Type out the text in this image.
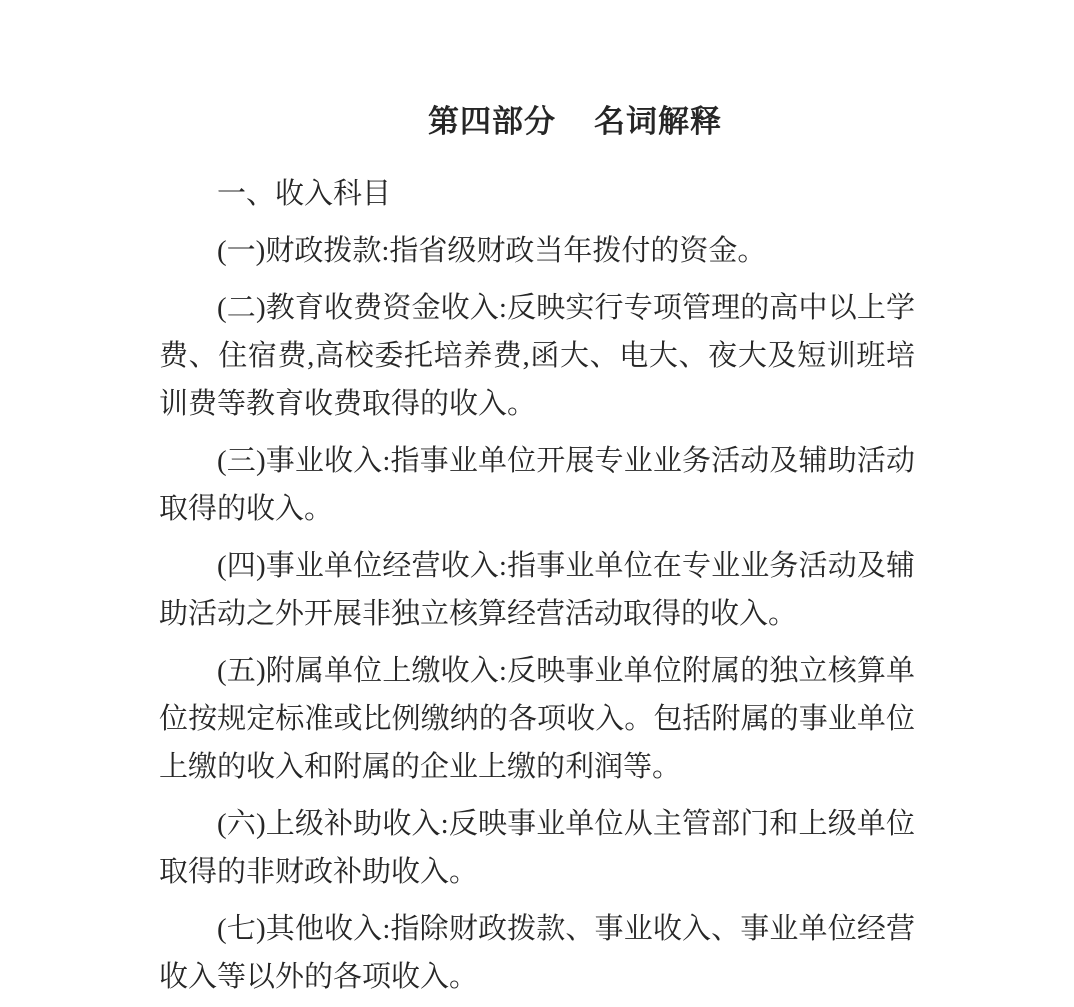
第四部分 名词解释

一、收入科目

(一)财政拨款:指省级财政当年拨付的资金。

(二)教育收费资金收入:反映实行专项管理的高中以上学费、住宿费,高校委托培养费,函大、电大、夜大及短训班培训费等教育收费取得的收入。

(三)事业收入:指事业单位开展专业业务活动及辅助活动取得的收入。

(四)事业单位经营收入:指事业单位在专业业务活动及辅助活动之外开展非独立核算经营活动取得的收入。

(五)附属单位上缴收入:反映事业单位附属的独立核算单位按规定标准或比例缴纳的各项收入。包括附属的事业单位上缴的收入和附属的企业上缴的利润等。

(六)上级补助收入:反映事业单位从主管部门和上级单位取得的非财政补助收入。

(七)其他收入:指除财政拨款、事业收入、事业单位经营收入等以外的各项收入。
